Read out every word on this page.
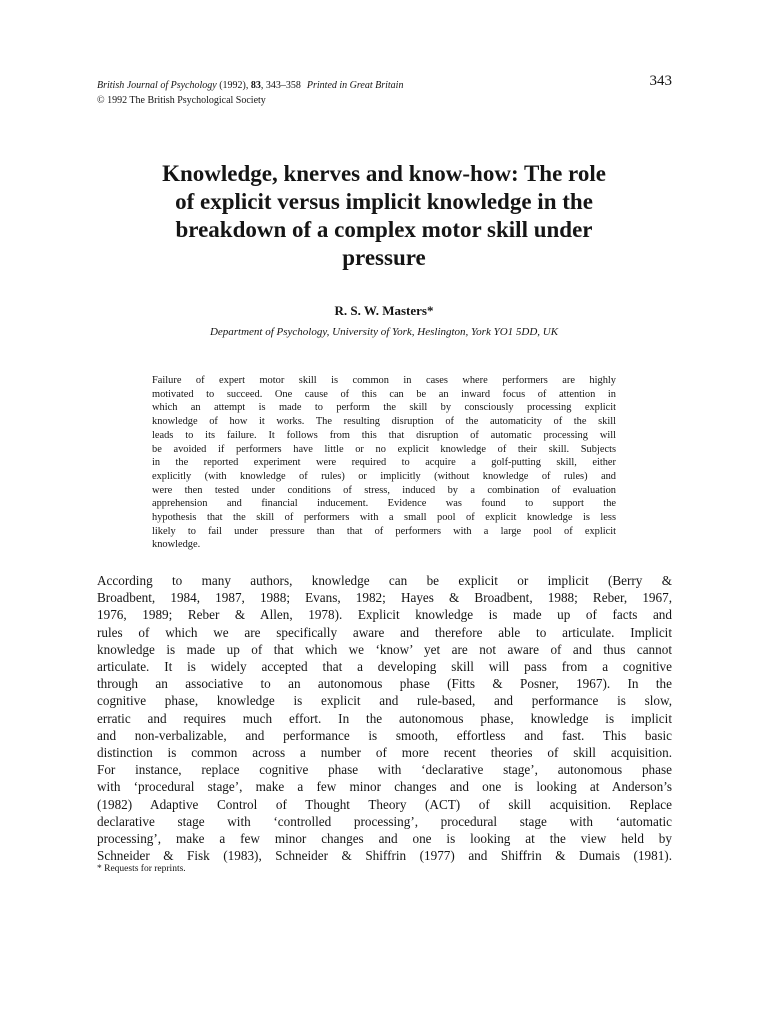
British Journal of Psychology (1992), 83, 343–358 Printed in Great Britain	343
© 1992 The British Psychological Society
Knowledge, knerves and know-how: The role
of explicit versus implicit knowledge in the
breakdown of a complex motor skill under
pressure
R. S. W. Masters*
Department of Psychology, University of York, Heslington, York YO1 5DD, UK
Failure of expert motor skill is common in cases where performers are highly
motivated to succeed. One cause of this can be an inward focus of attention in
which an attempt is made to perform the skill by consciously processing explicit
knowledge of how it works. The resulting disruption of the automaticity of the skill
leads to its failure. It follows from this that disruption of automatic processing will
be avoided if performers have little or no explicit knowledge of their skill. Subjects
in the reported experiment were required to acquire a golf-putting skill, either
explicitly (with knowledge of rules) or implicitly (without knowledge of rules) and
were then tested under conditions of stress, induced by a combination of evaluation
apprehension and financial inducement. Evidence was found to support the
hypothesis that the skill of performers with a small pool of explicit knowledge is less
likely to fail under pressure than that of performers with a large pool of explicit
knowledge.
According to many authors, knowledge can be explicit or implicit (Berry &
Broadbent, 1984, 1987, 1988; Evans, 1982; Hayes & Broadbent, 1988; Reber, 1967,
1976, 1989; Reber & Allen, 1978). Explicit knowledge is made up of facts and
rules of which we are specifically aware and therefore able to articulate. Implicit
knowledge is made up of that which we ‘know’ yet are not aware of and thus cannot
articulate. It is widely accepted that a developing skill will pass from a cognitive
through an associative to an autonomous phase (Fitts & Posner, 1967). In the
cognitive phase, knowledge is explicit and rule-based, and performance is slow,
erratic and requires much effort. In the autonomous phase, knowledge is implicit
and non-verbalizable, and performance is smooth, effortless and fast. This basic
distinction is common across a number of more recent theories of skill acquisition.
For instance, replace cognitive phase with ‘declarative stage’, autonomous phase
with ‘procedural stage’, make a few minor changes and one is looking at Anderson’s
(1982) Adaptive Control of Thought Theory (ACT) of skill acquisition. Replace
declarative stage with ‘controlled processing’, procedural stage with ‘automatic
processing’, make a few minor changes and one is looking at the view held by
Schneider & Fisk (1983), Schneider & Shiffrin (1977) and Shiffrin & Dumais (1981).
* Requests for reprints.
